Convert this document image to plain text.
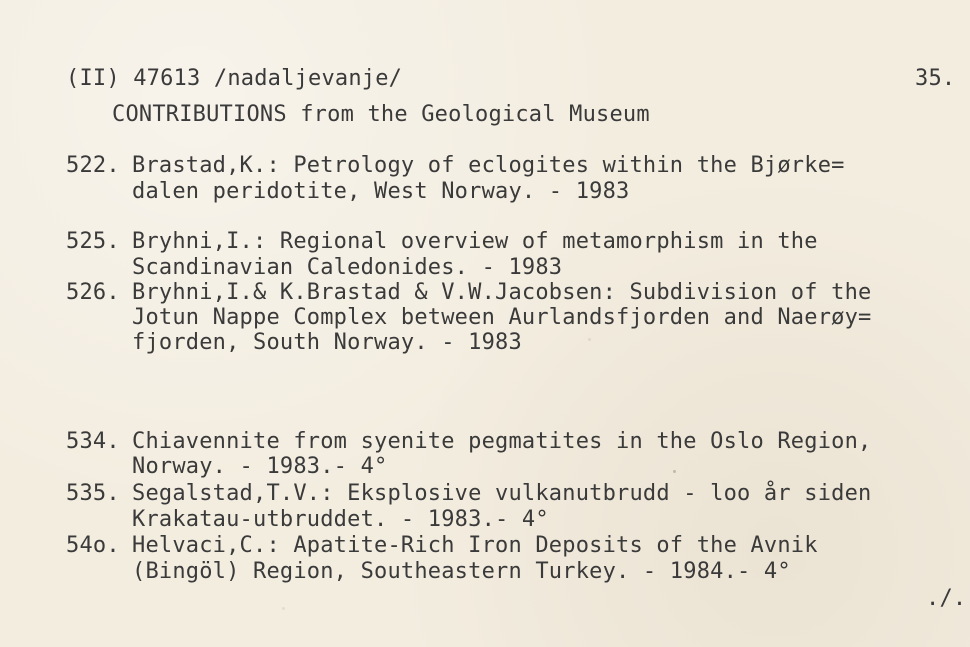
(II) 47613 /nadaljevanje/	35.
CONTRIBUTIONS from the Geological Museum
522. Brastad,K.: Petrology of eclogites within the Bjørke=
dalen peridotite, West Norway. - 1983
525. Bryhni,I.: Regional overview of metamorphism in the
Scandinavian Caledonides. - 1983
526. Bryhni,I.& K.Brastad & V.W.Jacobsen: Subdivision of the
Jotun Nappe Complex between Aurlandsfjorden and Naerøy=
fjorden, South Norway. - 1983
534. Chiavennite from syenite pegmatites in the Oslo Region,
Norway. - 1983.- 4°
535. Segalstad,T.V.: Eksplosive vulkanutbrudd - loo år siden
Krakatau-utbruddet. - 1983.- 4°
54o. Helvaci,C.: Apatite-Rich Iron Deposits of the Avnik
(Bingöl) Region, Southeastern Turkey. - 1984.- 4°
./.
